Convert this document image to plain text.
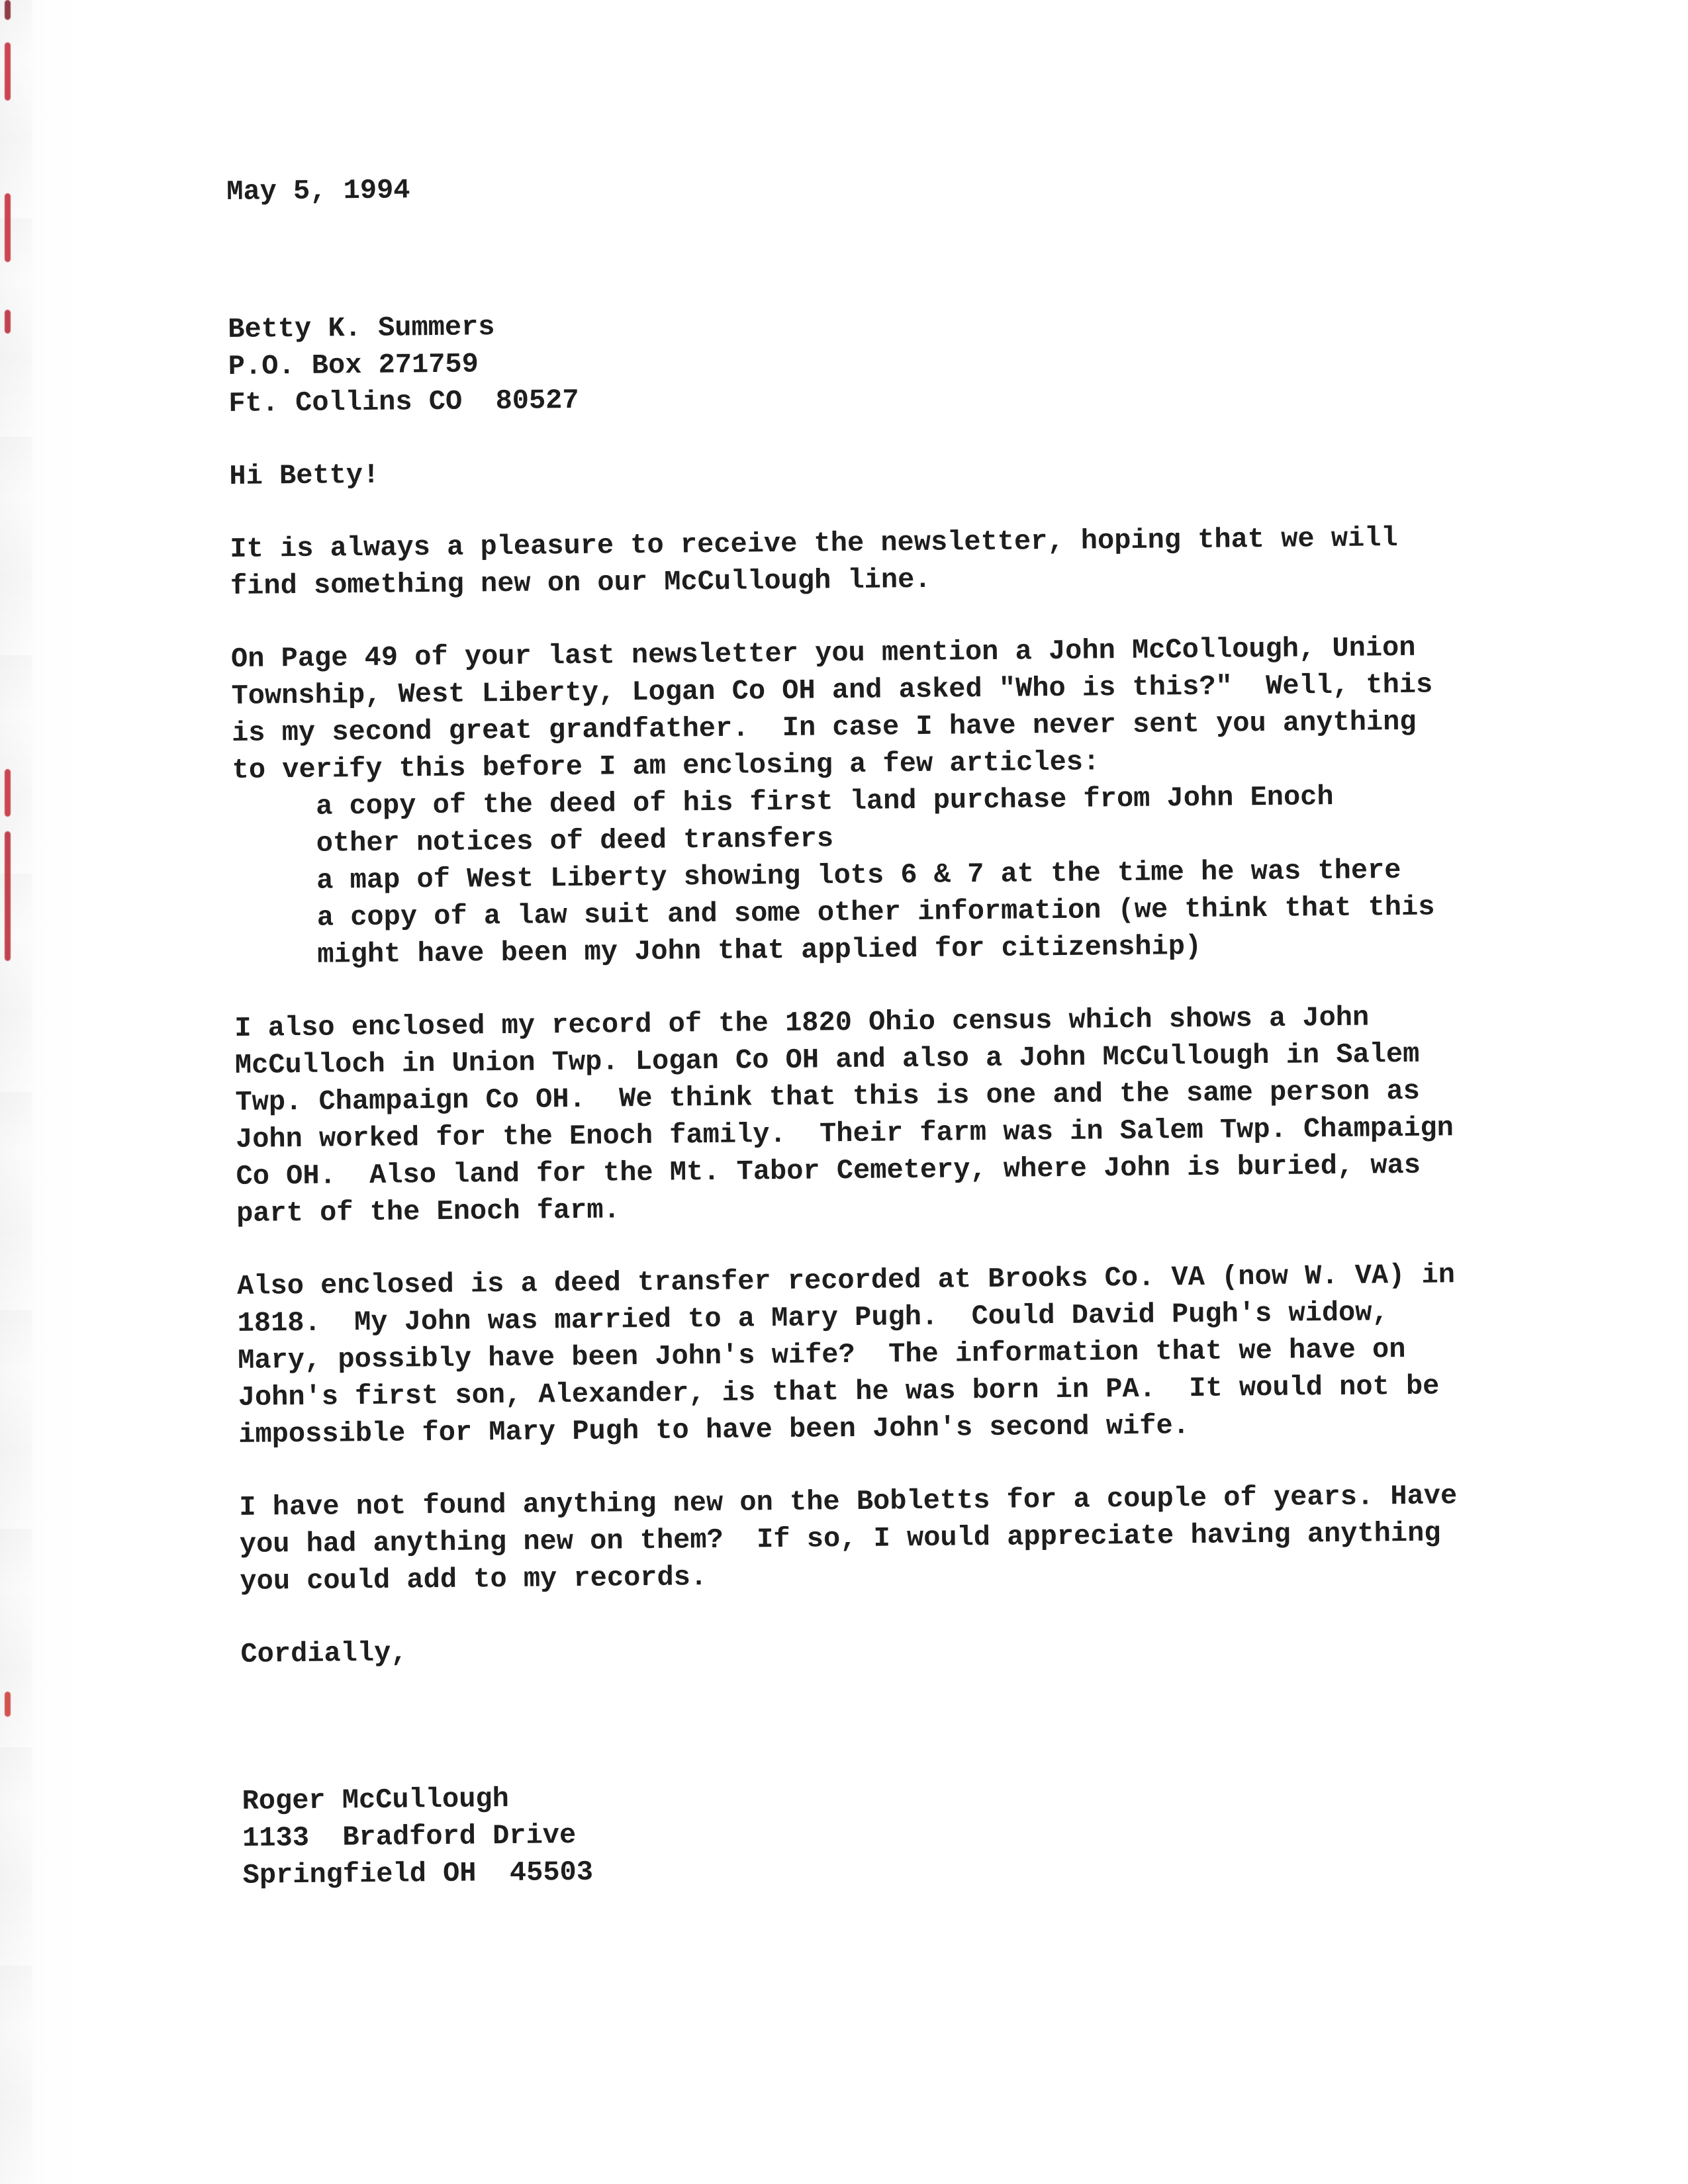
May 5, 1994
Betty K. Summers
P.O. Box 271759
Ft. Collins CO  80527
Hi Betty!
It is always a pleasure to receive the newsletter, hoping that we will
find something new on our McCullough line.
On Page 49 of your last newsletter you mention a John McCollough, Union
Township, West Liberty, Logan Co OH and asked "Who is this?"  Well, this
is my second great grandfather.  In case I have never sent you anything
to verify this before I am enclosing a few articles:
a copy of the deed of his first land purchase from John Enoch
other notices of deed transfers
a map of West Liberty showing lots 6 & 7 at the time he was there
a copy of a law suit and some other information (we think that this
might have been my John that applied for citizenship)
I also enclosed my record of the 1820 Ohio census which shows a John
McCulloch in Union Twp. Logan Co OH and also a John McCullough in Salem
Twp. Champaign Co OH.  We think that this is one and the same person as
John worked for the Enoch family.  Their farm was in Salem Twp. Champaign
Co OH.  Also land for the Mt. Tabor Cemetery, where John is buried, was
part of the Enoch farm.
Also enclosed is a deed transfer recorded at Brooks Co. VA (now W. VA) in
1818.  My John was married to a Mary Pugh.  Could David Pugh's widow,
Mary, possibly have been John's wife?  The information that we have on
John's first son, Alexander, is that he was born in PA.  It would not be
impossible for Mary Pugh to have been John's second wife.
I have not found anything new on the Bobletts for a couple of years. Have
you had anything new on them?  If so, I would appreciate having anything
you could add to my records.
Cordially,
Roger McCullough
1133  Bradford Drive
Springfield OH  45503
